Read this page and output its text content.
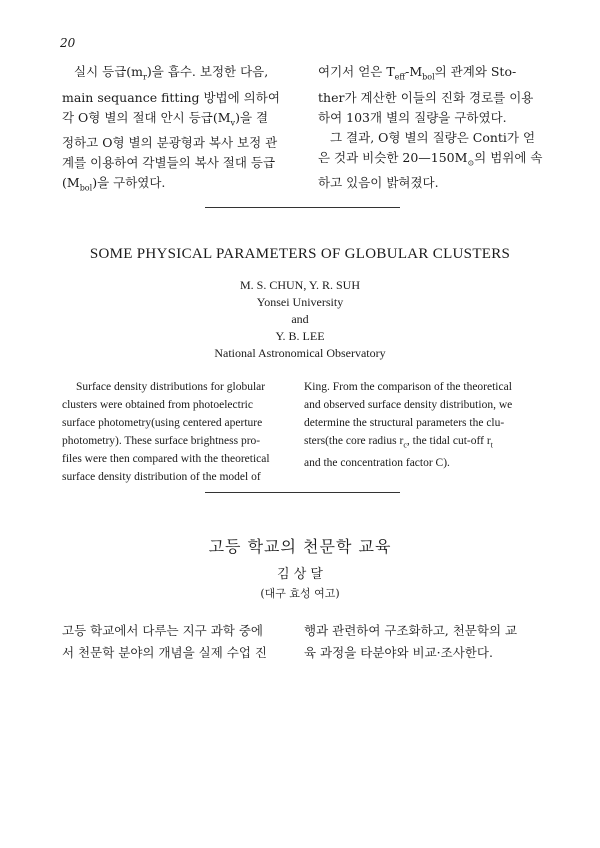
20
실시 등급$(m_r)$을 흡수. 보정한 다음,
main sequance fitting 방법에 의하여
각 O형 별의 절대 안시 등급$(M_v)$을 결
정하고 O형 별의 분광형과 복사 보정 관
계를 이용하여 각별들의 복사 절대 등급
$(M_{bol})$을 구하였다.
여기서 얻은 $T_{eff}-M_{bol}$의 관계와 Sto-
ther가 계산한 이들의 진화 경로를 이용
하여 103개 별의 질량을 구하였다.
그 결과, O형 별의 질량은 Conti가 얻
은 것과 비슷한 $20—150M_⊙$의 범위에 속
하고 있음이 밝혀졌다.
SOME PHYSICAL PARAMETERS OF GLOBULAR CLUSTERS
M. S. CHUN, Y. R. SUH
Yonsei University
and
Y. B. LEE
National Astronomical Observatory
Surface density distributions for globular
clusters were obtained from photoelectric
surface photometry(using centered aperture
photometry). These surface brightness pro-
files were then compared with the theoretical
surface density distribution of the model of
King. From the comparison of the theoretical
and observed surface density distribution, we
determine the structural parameters the clu-
sters(the core radius $r_c$, the tidal cut-off $r_t$
and the concentration factor C).
고등 학교의 천문학 교육
김 상 달
(대구 효성 여고)
고등 학교에서 다루는 지구 과학 중에
서 천문학 분야의 개념을 실제 수업 진
행과 관련하여 구조화하고, 천문학의 교
육 과정을 타분야와 비교·조사한다.
